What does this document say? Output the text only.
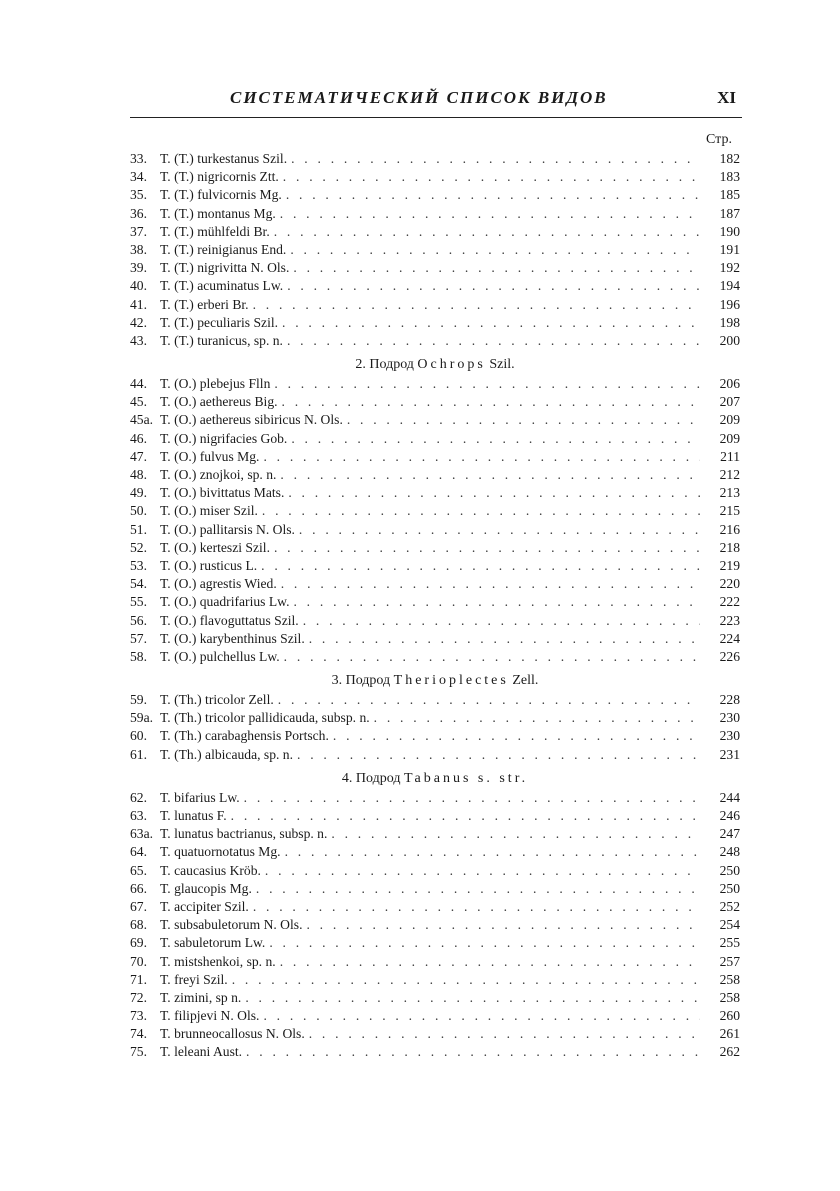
СИСТЕМАТИЧЕСКИЙ СПИСОК ВИДОВ	XI
Стр.
33. T. (T.) turkestanus Szil. . . .	182
34. T. (T.) nigricornis Ztt. . . .	183
35. T. (T.) fulvicornis Mg. . . .	185
36. T. (T.) montanus Mg. . . .	187
37. T. (T.) mühlfeldi Br. . . .	190
38. T. (T.) reinigianus End. . . .	191
39. T. (T.) nigrivitta N. Ols. . . .	192
40. T. (T.) acuminatus Lw. . . .	194
41. T. (T.) erberi Br. . . .	196
42. T. (T.) peculiaris Szil. . . .	198
43. T. (T.) turanicus, sp. n. . . .	200
2. Подрод Ochrops Szil.
44. T. (O.) plebejus Flln . . .	206
45. T. (O.) aethereus Big. . . .	207
45a. T. (O.) aethereus sibiricus N. Ols. . . .	209
46. T. (O.) nigrifacies Gob. . . .	209
47. T. (O.) fulvus Mg. . . .	211
48. T. (O.) znojkoi, sp. n. . . .	212
49. T. (O.) bivittatus Mats. . . .	213
50. T. (O.) miser Szil. . . .	215
51. T. (O.) pallitarsis N. Ols. . . .	216
52. T. (O.) kerteszi Szil. . . .	218
53. T. (O.) rusticus L. . . .	219
54. T. (O.) agrestis Wied. . . .	220
55. T. (O.) quadrifarius Lw. . . .	222
56. T. (O.) flavoguttatus Szil. . . .	223
57. T. (O.) karybenthinus Szil. . . .	224
58. T. (O.) pulchellus Lw. . . .	226
3. Подрод Therioplectes Zell.
59. T. (Th.) tricolor Zell. . . .	228
59a. T. (Th.) tricolor pallidicauda, subsp. n. . . .	230
60. T. (Th.) carabaghensis Portsch. . . .	230
61. T. (Th.) albicauda, sp. n. . . .	231
4. Подрод Tabanus s. str.
62. T. bifarius Lw. . . .	244
63. T. lunatus F. . . .	246
63a. T. lunatus bactrianus, subsp. n. . . .	247
64. T. quatuornotatus Mg. . . .	248
65. T. caucasius Kröb. . . .	250
66. T. glaucopis Mg. . . .	250
67. T. accipiter Szil. . . .	252
68. T. subsabuletorum N. Ols. . . .	254
69. T. sabuletorum Lw. . . .	255
70. T. mistshenkoi, sp. n. . . .	257
71. T. freyi Szil. . . .	258
72. T. zimini, sp n. . . .	258
73. T. filipjevi N. Ols. . . .	260
74. T. brunneocallosus N. Ols. . . .	261
75. T. leleani Aust. . . .	262
